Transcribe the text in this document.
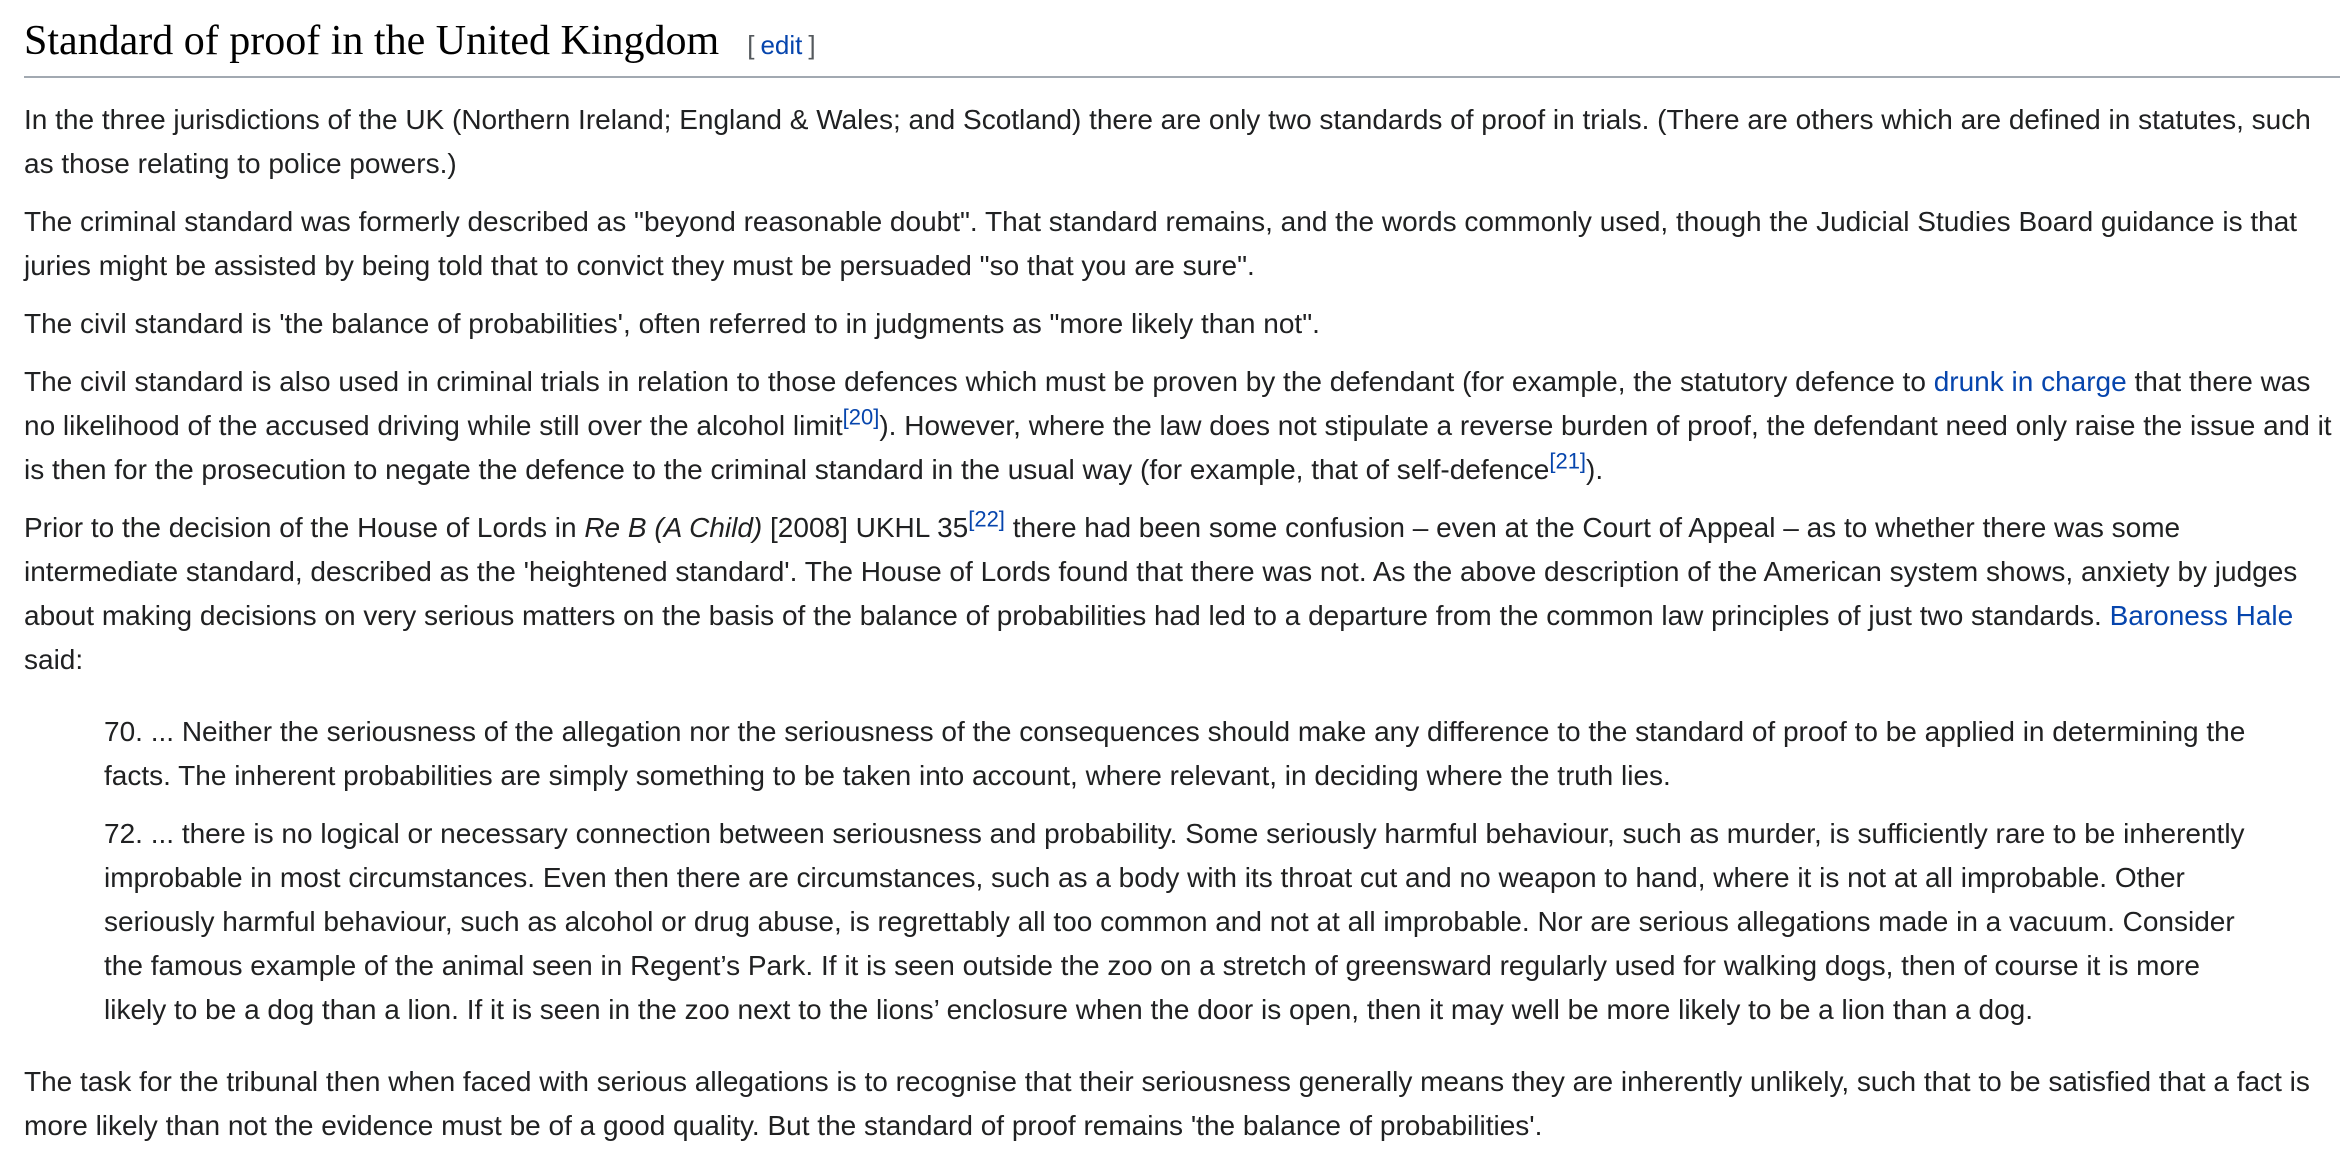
Standard of proof in the United Kingdom [ edit ]

In the three jurisdictions of the UK (Northern Ireland; England & Wales; and Scotland) there are only two standards of proof in trials. (There are others which are defined in statutes, such as those relating to police powers.)

The criminal standard was formerly described as "beyond reasonable doubt". That standard remains, and the words commonly used, though the Judicial Studies Board guidance is that juries might be assisted by being told that to convict they must be persuaded "so that you are sure".

The civil standard is 'the balance of probabilities', often referred to in judgments as "more likely than not".

The civil standard is also used in criminal trials in relation to those defences which must be proven by the defendant (for example, the statutory defence to drunk in charge that there was no likelihood of the accused driving while still over the alcohol limit[20]). However, where the law does not stipulate a reverse burden of proof, the defendant need only raise the issue and it is then for the prosecution to negate the defence to the criminal standard in the usual way (for example, that of self-defence[21]).

Prior to the decision of the House of Lords in Re B (A Child) [2008] UKHL 35[22] there had been some confusion – even at the Court of Appeal – as to whether there was some intermediate standard, described as the 'heightened standard'. The House of Lords found that there was not. As the above description of the American system shows, anxiety by judges about making decisions on very serious matters on the basis of the balance of probabilities had led to a departure from the common law principles of just two standards. Baroness Hale said:

70. ... Neither the seriousness of the allegation nor the seriousness of the consequences should make any difference to the standard of proof to be applied in determining the facts. The inherent probabilities are simply something to be taken into account, where relevant, in deciding where the truth lies.

72. ... there is no logical or necessary connection between seriousness and probability. Some seriously harmful behaviour, such as murder, is sufficiently rare to be inherently improbable in most circumstances. Even then there are circumstances, such as a body with its throat cut and no weapon to hand, where it is not at all improbable. Other seriously harmful behaviour, such as alcohol or drug abuse, is regrettably all too common and not at all improbable. Nor are serious allegations made in a vacuum. Consider the famous example of the animal seen in Regent’s Park. If it is seen outside the zoo on a stretch of greensward regularly used for walking dogs, then of course it is more likely to be a dog than a lion. If it is seen in the zoo next to the lions’ enclosure when the door is open, then it may well be more likely to be a lion than a dog.

The task for the tribunal then when faced with serious allegations is to recognise that their seriousness generally means they are inherently unlikely, such that to be satisfied that a fact is more likely than not the evidence must be of a good quality. But the standard of proof remains 'the balance of probabilities'.
